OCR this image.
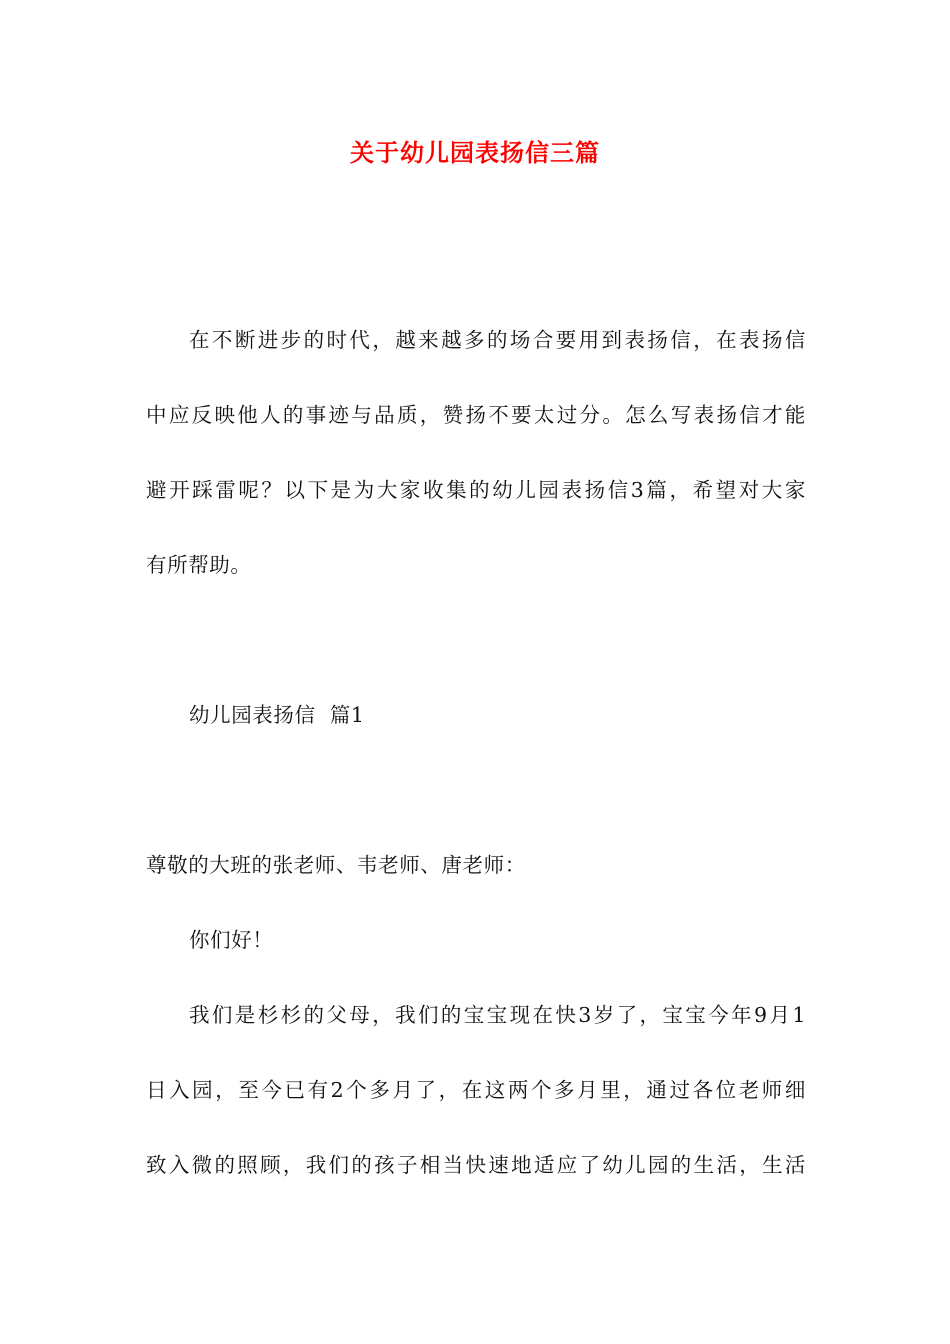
关于幼儿园表扬信三篇
在不断进步的时代，越来越多的场合要用到表扬信，在表扬信
中应反映他人的事迹与品质，赞扬不要太过分。怎么写表扬信才能
避开踩雷呢？以下是为大家收集的幼儿园表扬信3篇，希望对大家
有所帮助。
幼儿园表扬信  篇1
尊敬的大班的张老师、韦老师、唐老师：
你们好！
我们是杉杉的父母，我们的宝宝现在快3岁了，宝宝今年9月1
日入园，至今已有2个多月了，在这两个多月里，通过各位老师细
致入微的照顾，我们的孩子相当快速地适应了幼儿园的生活，生活
